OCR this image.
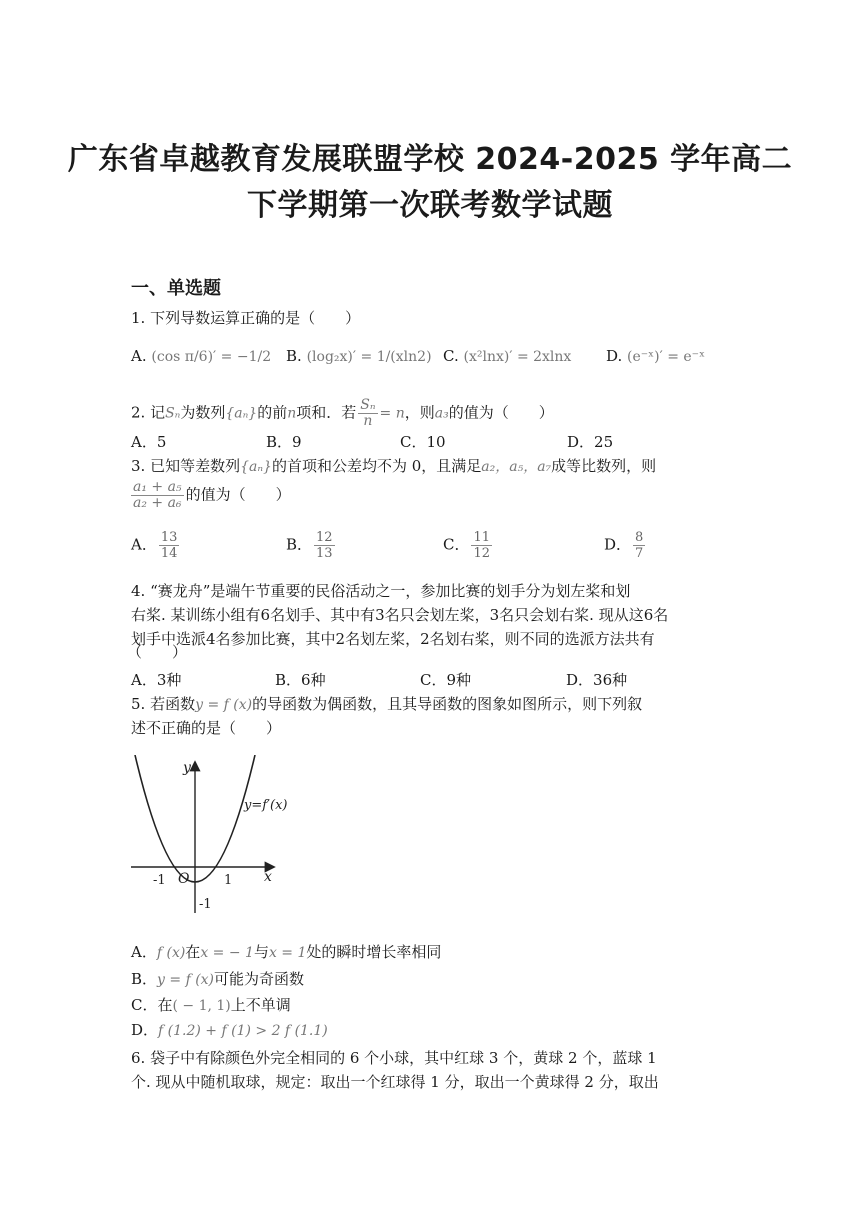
广东省卓越教育发展联盟学校 2024-2025 学年高二
下学期第一次联考数学试题
一、单选题
1. 下列导数运算正确的是（　　）
A. (cos π/6)′ = −1/2 B. (log₂x)′ = 1/(xln2) C. (x²lnx)′ = 2xlnx D. (e⁻ˣ)′ = e⁻ˣ
2. 记Sₙ为数列{aₙ}的前n项和．若 $\frac{\text{Sₙ}}{n} = n$，则a₃的值为（　　）
A．5	B．9	C．10	D．25
3. 已知等差数列{aₙ}的首项和公差均不为 0，且满足a₂，a₅，a₇成等比数列，则
$\frac{\text{a₁ + a₅}}{\text{a₂ + a₆}}$ 的值为（　　）
A． $\frac{13}{14}$	B． $\frac{12}{13}$	C． $\frac{11}{12}$	D． $\frac{8}{7}$
4. “赛龙舟”是端午节重要的民俗活动之一，参加比赛的划手分为划左桨和划
右桨. 某训练小组有6名划手、其中有3名只会划左桨，3名只会划右桨. 现从这6名
划手中选派4名参加比赛，其中2名划左桨，2名划右桨，则不同的选派方法共有
（　　）
A．3种	B．6种	C．9种	D．36种
5. 若函数y = f (x)的导函数为偶函数，且其导函数的图象如图所示，则下列叙
述不正确的是（　　）
y
x
O
-1	1
-1
y=f′(x)
A．f (x)在x = − 1与x = 1处的瞬时增长率相同
B．y = f (x)可能为奇函数
C．在( − 1, 1)上不单调
D．f (1.2) + f (1) > 2 f (1.1)
6. 袋子中有除颜色外完全相同的 6 个小球，其中红球 3 个，黄球 2 个，蓝球 1
个. 现从中随机取球，规定：取出一个红球得 1 分，取出一个黄球得 2 分，取出
